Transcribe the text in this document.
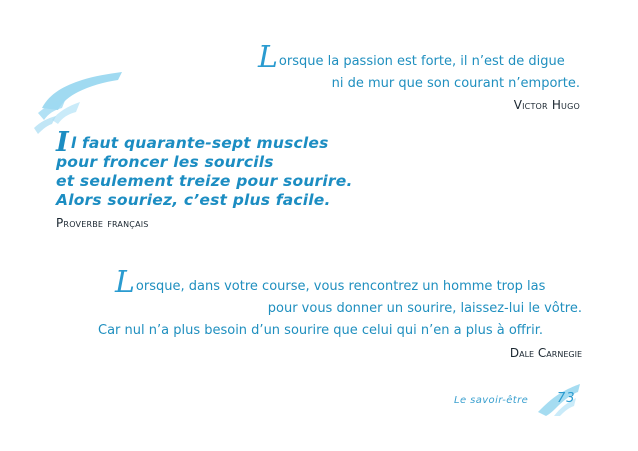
Lorsque la passion est forte, il n’est de digue
ni de mur que son courant n’emporte.
Victor Hugo
Il faut quarante-sept muscles
pour froncer les sourcils
et seulement treize pour sourire.
Alors souriez, c’est plus facile.
Proverbe français
Lorsque, dans votre course, vous rencontrez un homme trop las
pour vous donner un sourire, laissez-lui le vôtre.
Car nul n’a plus besoin d’un sourire que celui qui n’en a plus à offrir.
Dale Carnegie
Le savoir-être 73
